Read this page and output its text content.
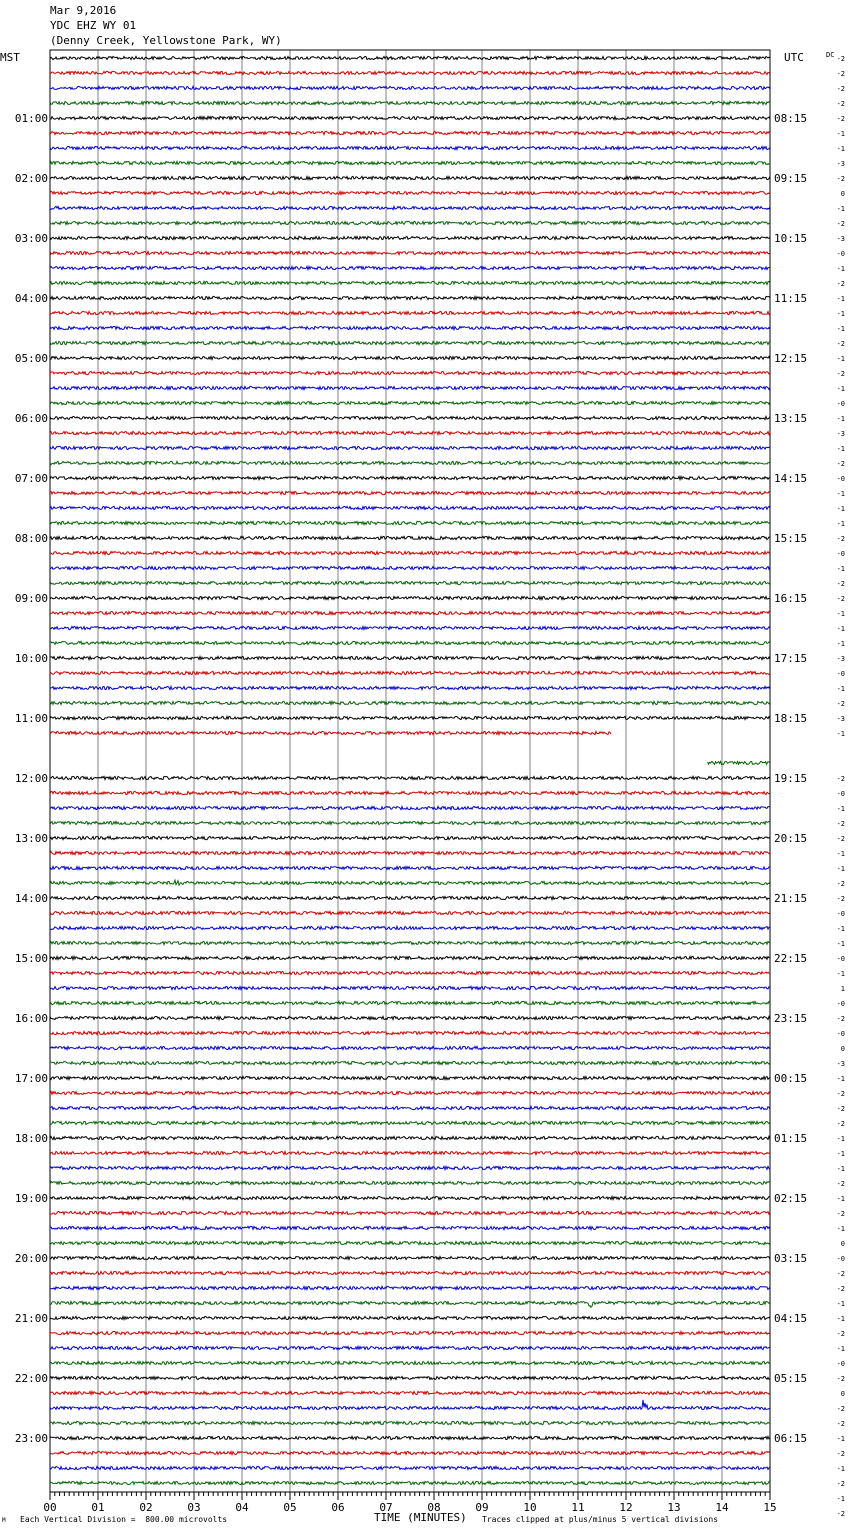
Mar 9,2016
YDC EHZ WY 01
(Denny Creek, Yellowstone Park, WY)
MST	UTC	DC
01:00
02:00
03:00
04:00
05:00
06:00
07:00
08:00
09:00
10:00
11:00
12:00
13:00
14:00
15:00
16:00
17:00
18:00
19:00
20:00
21:00
22:00
23:00
08:15
09:15
10:15
11:15
12:15
13:15
14:15
15:15
16:15
17:15
18:15
19:15
20:15
21:15
22:15
23:15
00:15
01:15
02:15
03:15
04:15
05:15
06:15
-2
-2
-2
-2
-2
-1
-1
-3
-2
0
-1
-2
-3
-0
-1
-2
-1
-1
-1
-2
-1
-2
-1
-0
-1
-3
-1
-2
-0
-1
-1
-1
-2
-0
-1
-2
-2
-1
-1
-1
-3
-0
-1
-2
-3
-1
-2
-0
-1
-2
-2
-1
-1
-2
-2
-0
-1
-1
-0
-1
1
-0
-2
-0
0
-3
-1
-2
-2
-2
-1
-1
-1
-2
-1
-2
-1
0
-0
-2
-2
-1
-1
-2
-1
-0
-2
0
-2
-2
-1
-2
-1
-2
-1
-2
00	01	02	03	04	05	06	07	08	09	10	11	12	13	14	15
TIME (MINUTES)
Each Vertical Division =  800.00 microvolts	Traces clipped at plus/minus 5 vertical divisions
M
